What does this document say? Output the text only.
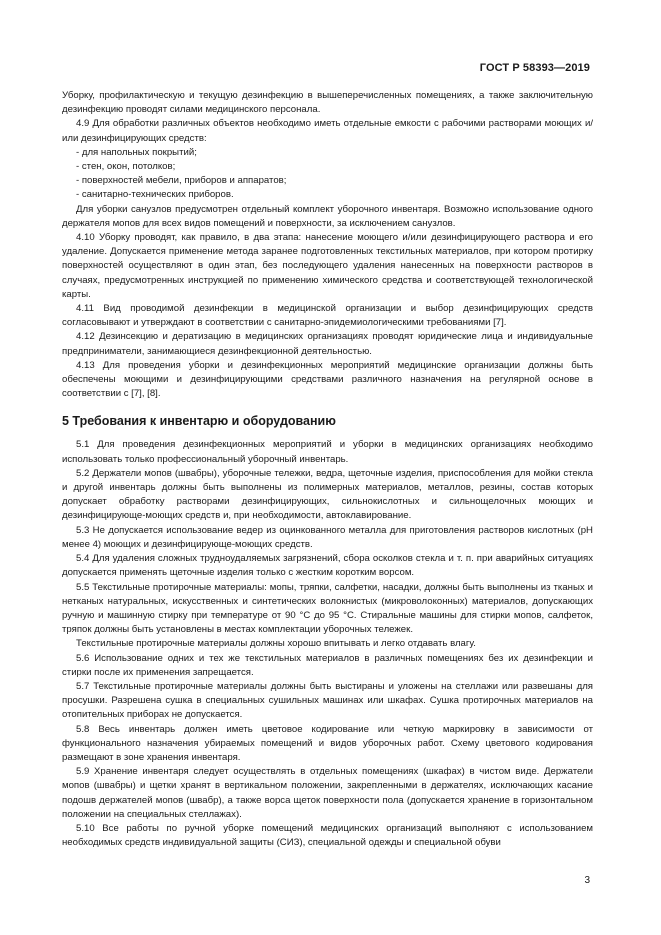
ГОСТ Р 58393—2019

Уборку, профилактическую и текущую дезинфекцию в вышеперечисленных помещениях, а также заключительную дезинфекцию проводят силами медицинского персонала.

4.9 Для обработки различных объектов необходимо иметь отдельные емкости с рабочими растворами моющих и/или дезинфицирующих средств:

- для напольных покрытий;

- стен, окон, потолков;

- поверхностей мебели, приборов и аппаратов;

- санитарно-технических приборов.

Для уборки санузлов предусмотрен отдельный комплект уборочного инвентаря. Возможно использование одного держателя мопов для всех видов помещений и поверхности, за исключением санузлов.

4.10 Уборку проводят, как правило, в два этапа: нанесение моющего и/или дезинфицирующего раствора и его удаление. Допускается применение метода заранее подготовленных текстильных материалов, при котором протирку поверхностей осуществляют в один этап, без последующего удаления нанесенных на поверхности растворов в случаях, предусмотренных инструкцией по применению химического средства и соответствующей технологической карты.

4.11 Вид проводимой дезинфекции в медицинской организации и выбор дезинфицирующих средств согласовывают и утверждают в соответствии с санитарно-эпидемиологическими требованиями [7].

4.12 Дезинсекцию и дератизацию в медицинских организациях проводят юридические лица и индивидуальные предприниматели, занимающиеся дезинфекционной деятельностью.

4.13 Для проведения уборки и дезинфекционных мероприятий медицинские организации должны быть обеспечены моющими и дезинфицирующими средствами различного назначения на регулярной основе в соответствии с [7], [8].

5 Требования к инвентарю и оборудованию

5.1 Для проведения дезинфекционных мероприятий и уборки в медицинских организациях необходимо использовать только профессиональный уборочный инвентарь.

5.2 Держатели мопов (швабры), уборочные тележки, ведра, щеточные изделия, приспособления для мойки стекла и другой инвентарь должны быть выполнены из полимерных материалов, металлов, резины, состав которых допускает обработку растворами дезинфицирующих, сильнокислотных и сильнощелочных моющих и дезинфицирующе-моющих средств и, при необходимости, автоклавирование.

5.3 Не допускается использование ведер из оцинкованного металла для приготовления растворов кислотных (pH менее 4) моющих и дезинфицирующе-моющих средств.

5.4 Для удаления сложных трудноудаляемых загрязнений, сбора осколков стекла и т. п. при аварийных ситуациях допускается применять щеточные изделия только с жестким коротким ворсом.

5.5 Текстильные протирочные материалы: мопы, тряпки, салфетки, насадки, должны быть выполнены из тканых и нетканых натуральных, искусственных и синтетических волокнистых (микроволоконных) материалов, допускающих ручную и машинную стирку при температуре от 90 °С до 95 °С. Стиральные машины для стирки мопов, салфеток, тряпок должны быть установлены в местах комплектации уборочных тележек.

Текстильные протирочные материалы должны хорошо впитывать и легко отдавать влагу.

5.6 Использование одних и тех же текстильных материалов в различных помещениях без их дезинфекции и стирки после их применения запрещается.

5.7 Текстильные протирочные материалы должны быть выстираны и уложены на стеллажи или развешаны для просушки. Разрешена сушка в специальных сушильных машинах или шкафах. Сушка протирочных материалов на отопительных приборах не допускается.

5.8 Весь инвентарь должен иметь цветовое кодирование или четкую маркировку в зависимости от функционального назначения убираемых помещений и видов уборочных работ. Схему цветового кодирования размещают в зоне хранения инвентаря.

5.9 Хранение инвентаря следует осуществлять в отдельных помещениях (шкафах) в чистом виде. Держатели мопов (швабры) и щетки хранят в вертикальном положении, закрепленными в держателях, исключающих касание подошв держателей мопов (швабр), а также ворса щеток поверхности пола (допускается хранение в горизонтальном положении на специальных стеллажах).

5.10 Все работы по ручной уборке помещений медицинских организаций выполняют с использованием необходимых средств индивидуальной защиты (СИЗ), специальной одежды и специальной обуви

3
